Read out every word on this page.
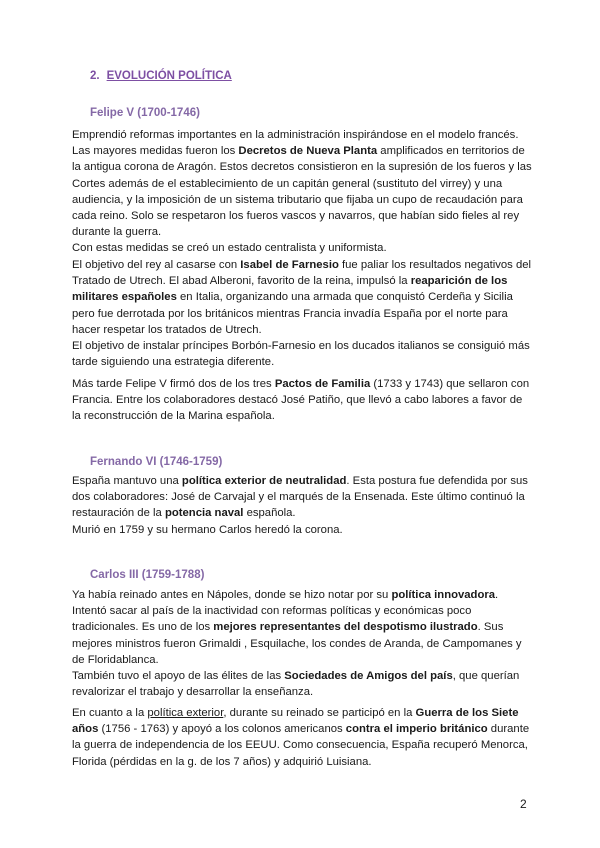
2. EVOLUCIÓN POLÍTICA
Felipe V (1700-1746)

Emprendió reformas importantes en la administración inspirándose en el modelo francés. Las mayores medidas fueron los Decretos de Nueva Planta amplificados en territorios de la antigua corona de Aragón. Estos decretos consistieron en la supresión de los fueros y las Cortes además de el establecimiento de un capitán general (sustituto del virrey) y una audiencia, y la imposición de un sistema tributario que fijaba un cupo de recaudación para cada reino. Solo se respetaron los fueros vascos y navarros, que habían sido fieles al rey durante la guerra.
Con estas medidas se creó un estado centralista y uniformista.

El objetivo del rey al casarse con Isabel de Farnesio fue paliar los resultados negativos del Tratado de Utrech. El abad Alberoni, favorito de la reina, impulsó la reaparición de los militares españoles en Italia, organizando una armada que conquistó Cerdeña y Sicilia pero fue derrotada por los británicos mientras Francia invadía España por el norte para hacer respetar los tratados de Utrech.
El objetivo de instalar príncipes Borbón-Farnesio en los ducados italianos se consiguió más tarde siguiendo una estrategia diferente.

Más tarde Felipe V firmó dos de los tres Pactos de Familia (1733 y 1743) que sellaron con Francia. Entre los colaboradores destacó José Patiño, que llevó a cabo labores a favor de la reconstrucción de la Marina española.

Fernando VI (1746-1759)

España mantuvo una política exterior de neutralidad. Esta postura fue defendida por sus dos colaboradores: José de Carvajal y el marqués de la Ensenada. Este último continuó la restauración de la potencia naval española.
Murió en 1759 y su hermano Carlos heredó la corona.

Carlos III (1759-1788)

Ya había reinado antes en Nápoles, donde se hizo notar por su política innovadora. Intentó sacar al país de la inactividad con reformas políticas y económicas poco tradicionales. Es uno de los mejores representantes del despotismo ilustrado. Sus mejores ministros fueron Grimaldi , Esquilache, los condes de Aranda, de Campomanes y de Floridablanca.
También tuvo el apoyo de las élites de las Sociedades de Amigos del país, que querían revalorizar el trabajo y desarrollar la enseñanza.

En cuanto a la política exterior, durante su reinado se participó en la Guerra de los Siete años (1756 - 1763) y apoyó a los colonos americanos contra el imperio británico durante la guerra de independencia de los EEUU. Como consecuencia, España recuperó Menorca, Florida (pérdidas en la g. de los 7 años) y adquirió Luisiana.

2
